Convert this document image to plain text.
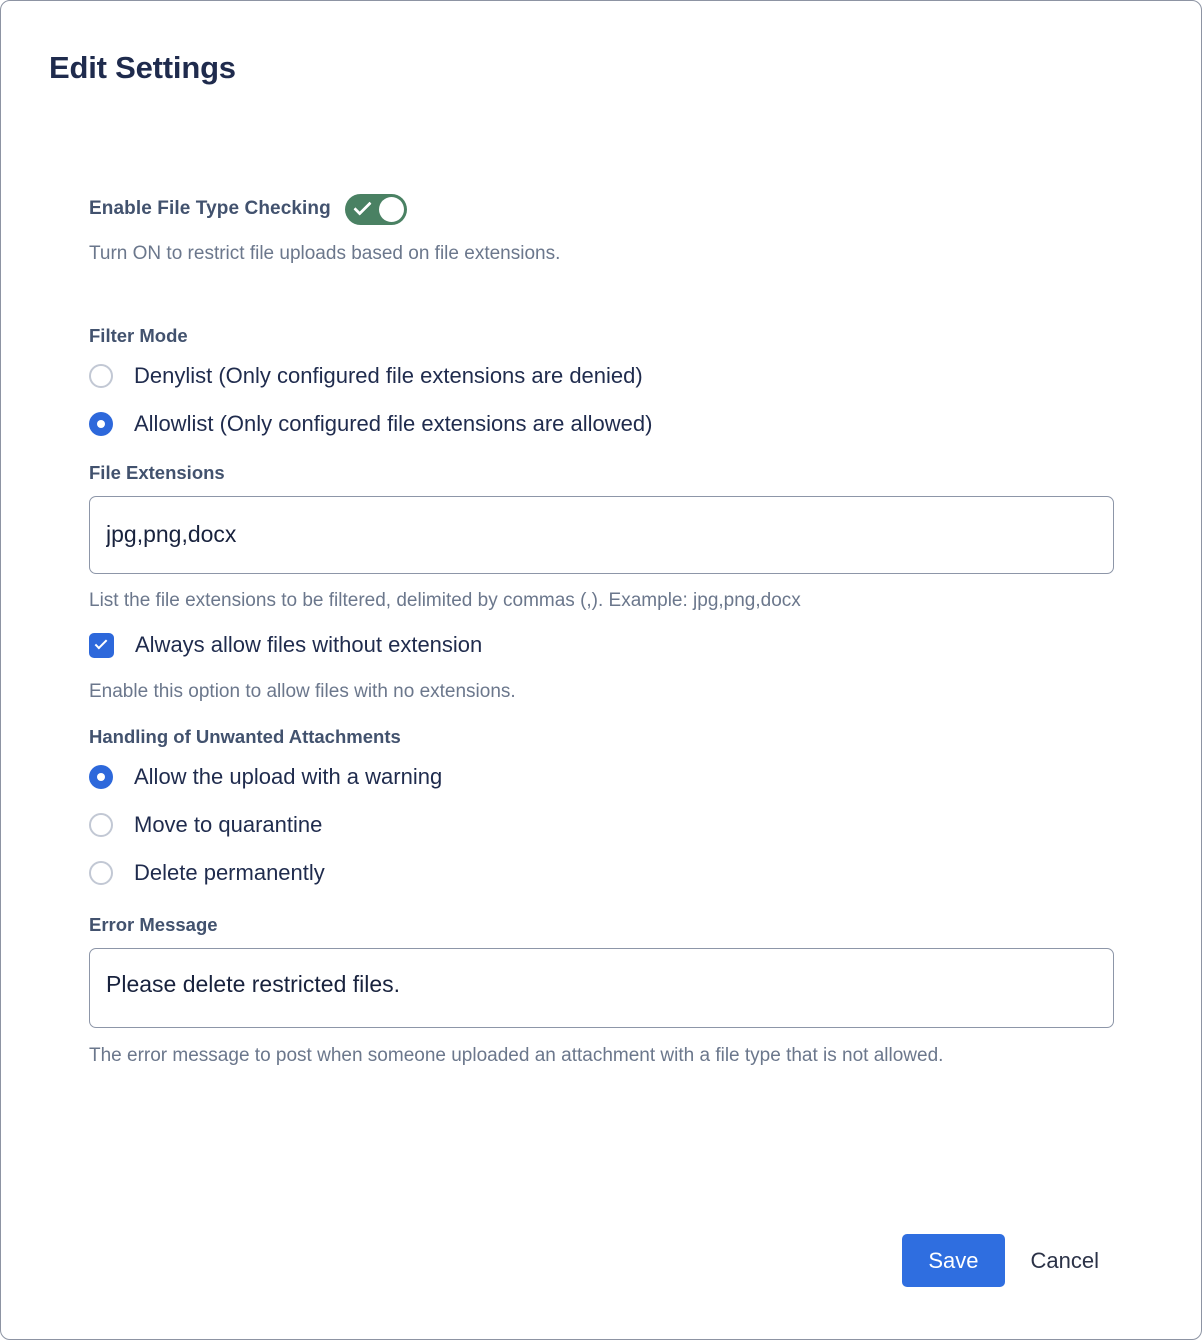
Edit Settings
Enable File Type Checking
Turn ON to restrict file uploads based on file extensions.
Filter Mode
Denylist (Only configured file extensions are denied)
Allowlist (Only configured file extensions are allowed)
File Extensions
jpg,png,docx
List the file extensions to be filtered, delimited by commas (,). Example: jpg,png,docx
Always allow files without extension
Enable this option to allow files with no extensions.
Handling of Unwanted Attachments
Allow the upload with a warning
Move to quarantine
Delete permanently
Error Message
Please delete restricted files.
The error message to post when someone uploaded an attachment with a file type that is not allowed.
Save	Cancel
